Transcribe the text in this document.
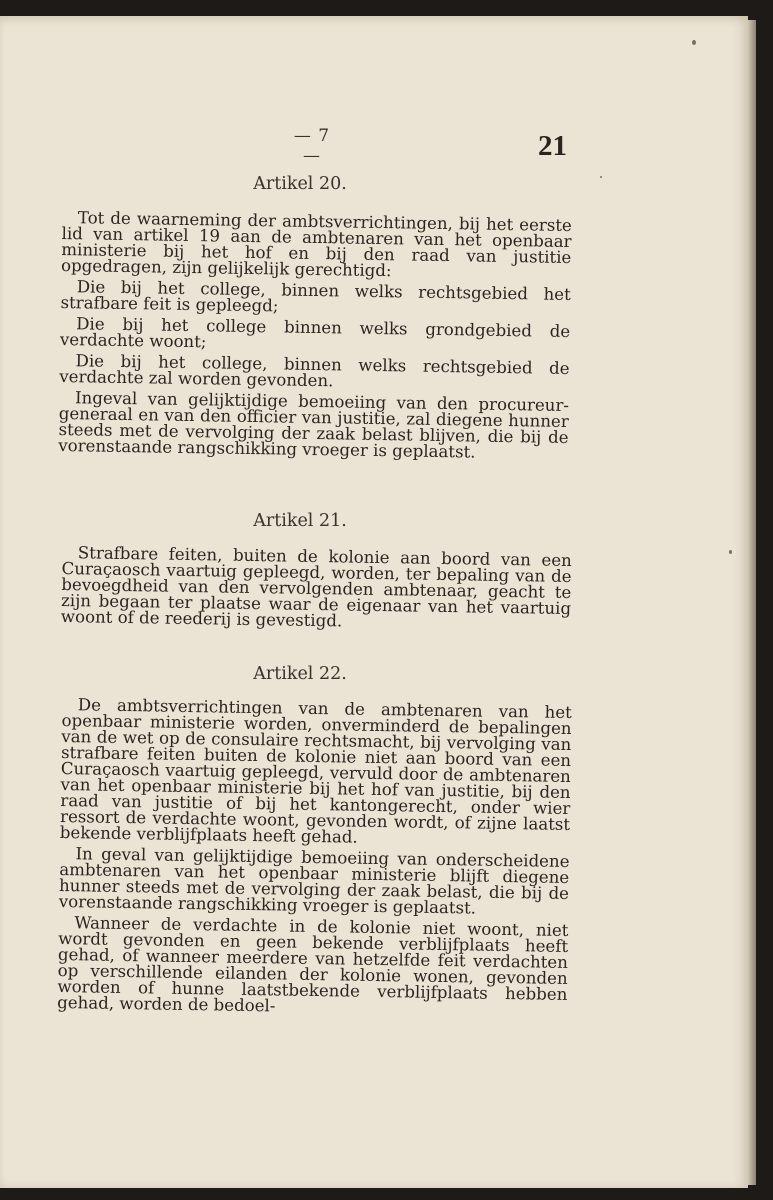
— 7 —	21
Artikel 20.

Tot de waarneming der ambtsverrichtingen, bij het eerste lid van artikel 19 aan de ambtenaren van het openbaar ministerie bij het hof en bij den raad van justitie opgedragen, zijn gelijkelijk gerechtigd:

Die bij het college, binnen welks rechtsgebied het strafbare feit is gepleegd;

Die bij het college binnen welks grondgebied de verdachte woont;

Die bij het college, binnen welks rechtsgebied de verdachte zal worden gevonden.

Ingeval van gelijktijdige bemoeiing van den procureur-generaal en van den officier van justitie, zal diegene hunner steeds met de vervolging der zaak belast blijven, die bij de vorenstaande rangschikking vroeger is geplaatst.

Artikel 21.

Strafbare feiten, buiten de kolonie aan boord van een Curaçaosch vaartuig gepleegd, worden, ter bepaling van de bevoegdheid van den vervolgenden ambtenaar, geacht te zijn begaan ter plaatse waar de eigenaar van het vaartuig woont of de reederij is gevestigd.

Artikel 22.

De ambtsverrichtingen van de ambtenaren van het openbaar ministerie worden, onverminderd de bepalingen van de wet op de consulaire rechtsmacht, bij vervolging van strafbare feiten buiten de kolonie niet aan boord van een Curaçaosch vaartuig gepleegd, vervuld door de ambtenaren van het openbaar ministerie bij het hof van justitie, bij den raad van justitie of bij het kantongerecht, onder wier ressort de verdachte woont, gevonden wordt, of zijne laatst bekende verblijfplaats heeft gehad.

In geval van gelijktijdige bemoeiing van onderscheidene ambtenaren van het openbaar ministerie blijft diegene hunner steeds met de vervolging der zaak belast, die bij de vorenstaande rangschikking vroeger is geplaatst.

Wanneer de verdachte in de kolonie niet woont, niet wordt gevonden en geen bekende verblijfplaats heeft gehad, of wanneer meerdere van hetzelfde feit verdachten op verschillende eilanden der kolonie wonen, gevonden worden of hunne laatstbekende verblijfplaats hebben gehad, worden de bedoel-
